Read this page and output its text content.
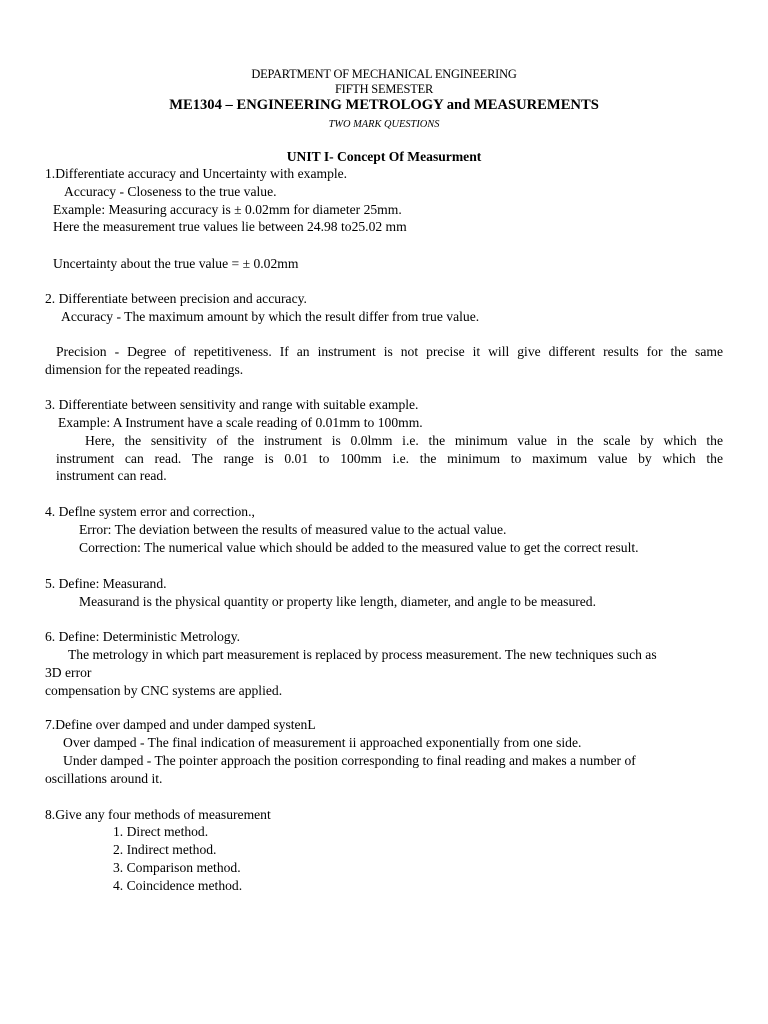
DEPARTMENT OF MECHANICAL ENGINEERING
FIFTH SEMESTER
ME1304 – ENGINEERING METROLOGY and MEASUREMENTS
TWO MARK QUESTIONS
UNIT I- Concept Of Measurment
1.Differentiate accuracy and Uncertainty with example.
Accuracy - Closeness to the true value.
Example: Measuring accuracy is ± 0.02mm for diameter 25mm.
Here the measurement true values lie between 24.98 to25.02 mm
Uncertainty about the true value = ± 0.02mm
2. Differentiate between precision and accuracy.
Accuracy - The maximum amount by which the result differ from true value.
Precision - Degree of repetitiveness. If an instrument is not precise it will give different results for the same
dimension for the repeated readings.
3. Differentiate between sensitivity and range with suitable example.
Example: A Instrument have a scale reading of 0.01mm to 100mm.
Here, the sensitivity of the instrument is 0.0lmm i.e. the minimum value in the scale by which the
instrument can read. The range is 0.01 to 100mm i.e. the minimum to maximum value by which the
instrument can read.
4. Deflne system error and correction.,
Error: The deviation between the results of measured value to the actual value.
Correction: The numerical value which should be added to the measured value to get the correct result.
5. Define: Measurand.
Measurand is the physical quantity or property like length, diameter, and angle to be measured.
6. Define: Deterministic Metrology.
The metrology in which part measurement is replaced by process measurement. The new techniques such as
3D error
compensation by CNC systems are applied.
7.Define over damped and under damped systenL
Over damped - The final indication of measurement ii approached exponentially from one side.
Under damped - The pointer approach the position corresponding to final reading and makes a number of
oscillations around it.
8.Give any four methods of measurement
1. Direct method.
2. Indirect method.
3. Comparison method.
4. Coincidence method.
